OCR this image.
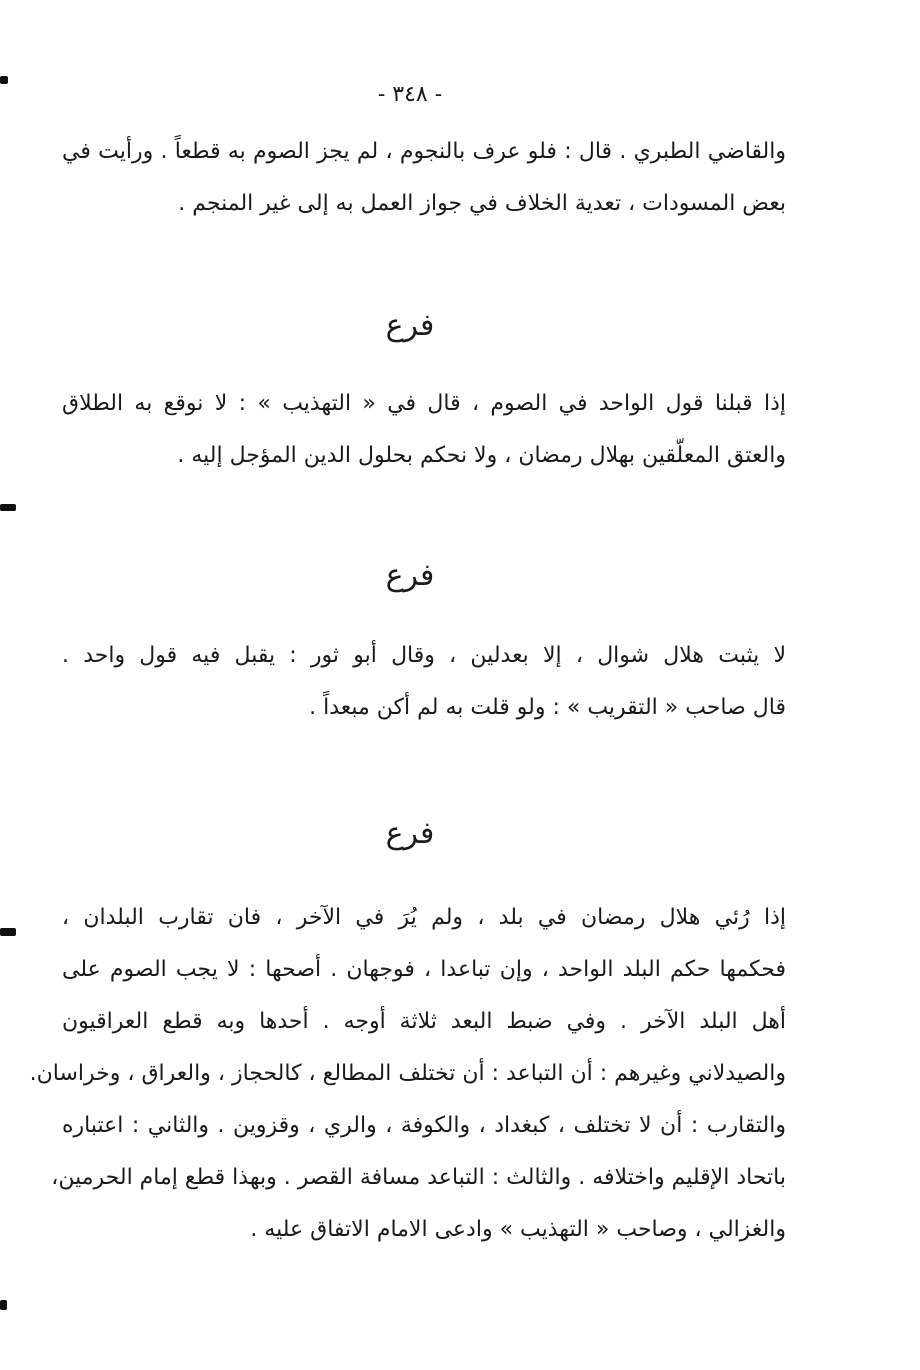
- ٣٤٨ -
والقاضي الطبري . قال : فلو عرف بالنجوم ، لم يجز الصوم به قطعاً . ورأيت في
بعض المسودات ، تعدية الخلاف في جواز العمل به إلى غير المنجم .
فرع
إذا قبلنا قول الواحد في الصوم ، قال في « التهذيب » : لا نوقع به الطلاق
والعتق المعلّقين بهلال رمضان ، ولا نحكم بحلول الدين المؤجل إليه .
فرع
لا يثبت هلال شوال ، إلا بعدلين ، وقال أبو ثور : يقبل فيه قول واحد .
قال صاحب « التقريب » : ولو قلت به لم أكن مبعداً .
فرع
إذا رُئي هلال رمضان في بلد ، ولم يُرَ في الآخر ، فان تقارب البلدان ،
فحكمها حكم البلد الواحد ، وإن تباعدا ، فوجهان . أصحها : لا يجب الصوم على
أهل البلد الآخر . وفي ضبط البعد ثلاثة أوجه . أحدها وبه قطع العراقيون
والصيدلاني وغيرهم : أن التباعد : أن تختلف المطالع ، كالحجاز ، والعراق ، وخراسان.
والتقارب : أن لا تختلف ، كبغداد ، والكوفة ، والري ، وقزوين . والثاني : اعتباره
باتحاد الإقليم واختلافه . والثالث : التباعد مسافة القصر . وبهذا قطع إمام الحرمين،
والغزالي ، وصاحب « التهذيب » وادعى الامام الاتفاق عليه .
